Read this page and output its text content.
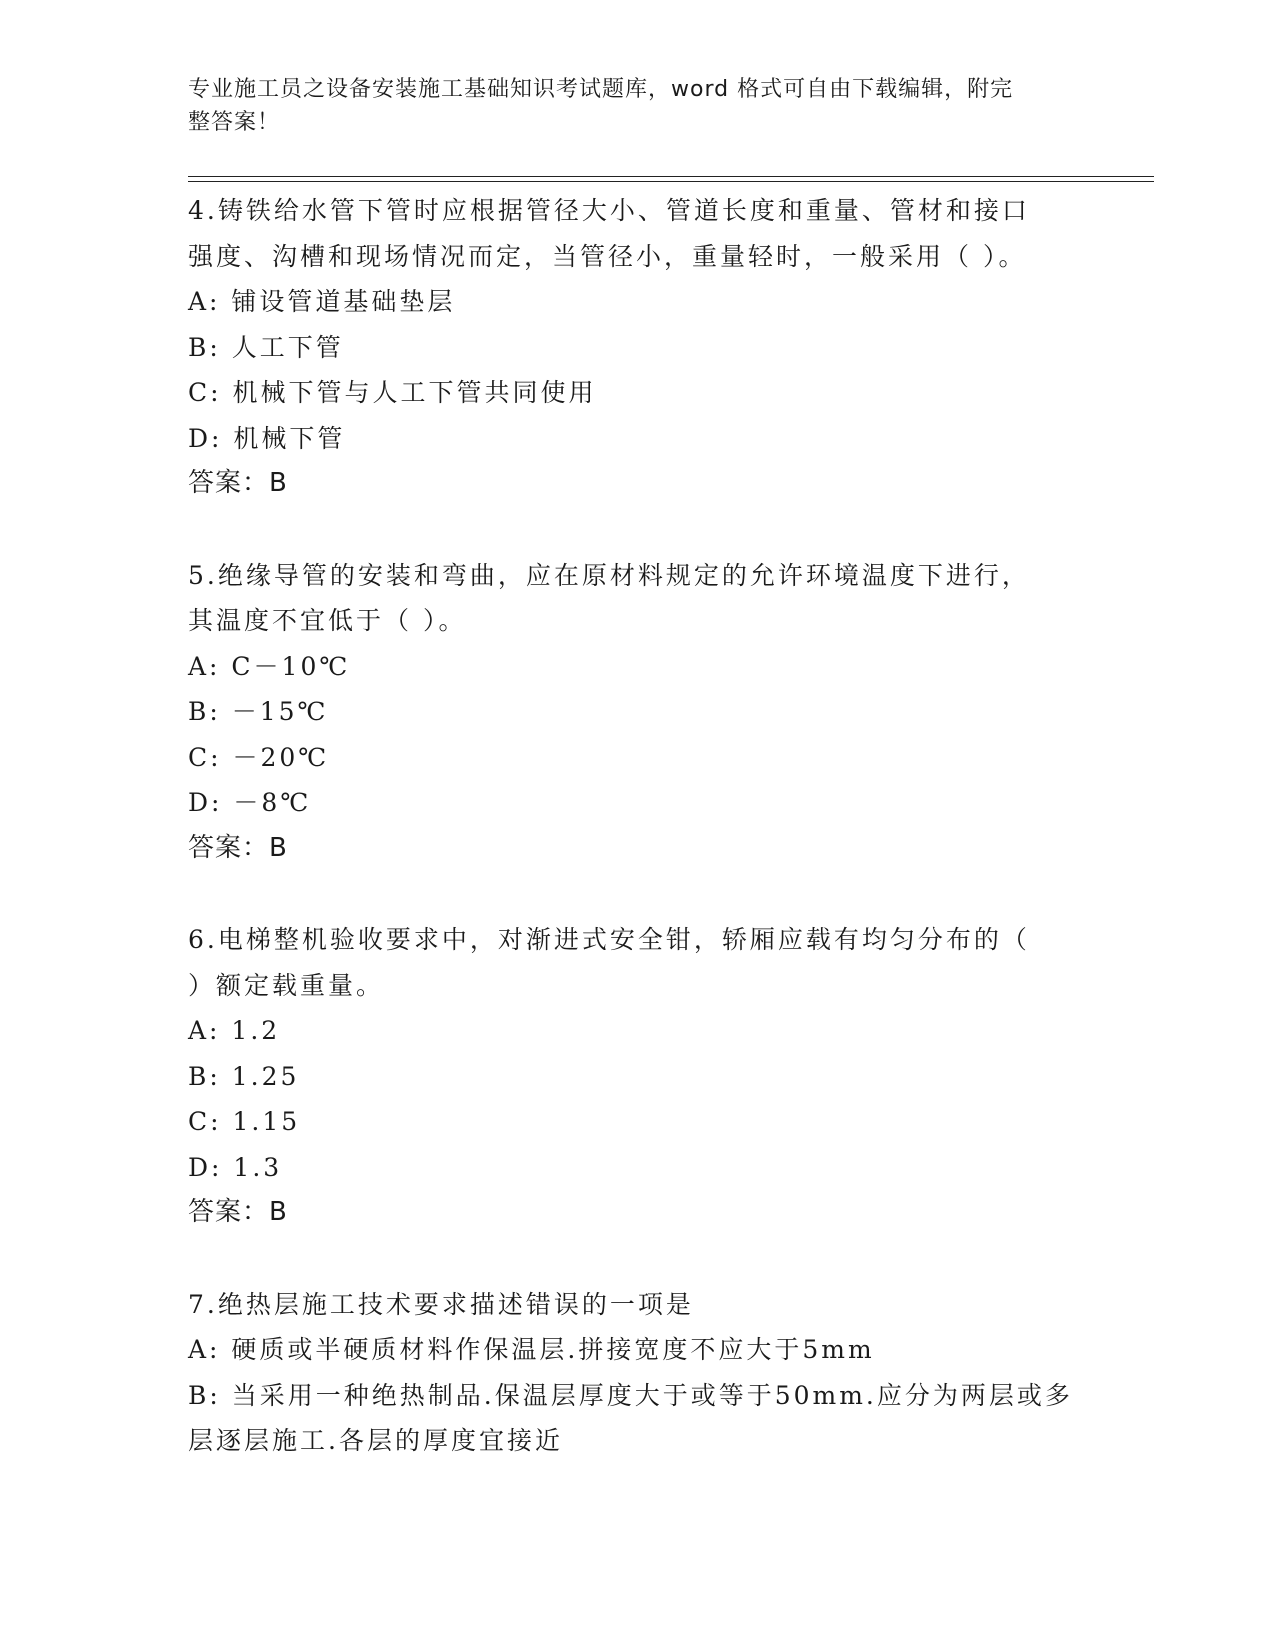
专业施工员之设备安装施工基础知识考试题库，word 格式可自由下载编辑，附完
整答案！
4.铸铁给水管下管时应根据管径大小、管道长度和重量、管材和接口
强度、沟槽和现场情况而定，当管径小，重量轻时，一般采用（ ）。
A: 铺设管道基础垫层
B: 人工下管
C: 机械下管与人工下管共同使用
D: 机械下管
答案：B
5.绝缘导管的安装和弯曲，应在原材料规定的允许环境温度下进行，
其温度不宜低于（ ）。
A: C－10℃
B: －15℃
C: －20℃
D: －8℃
答案：B
6.电梯整机验收要求中，对渐进式安全钳，轿厢应载有均匀分布的（
）额定载重量。
A: 1.2
B: 1.25
C: 1.15
D: 1.3
答案：B
7.绝热层施工技术要求描述错误的一项是
A: 硬质或半硬质材料作保温层.拼接宽度不应大于5mm
B: 当采用一种绝热制品.保温层厚度大于或等于50mm.应分为两层或多
层逐层施工.各层的厚度宜接近
